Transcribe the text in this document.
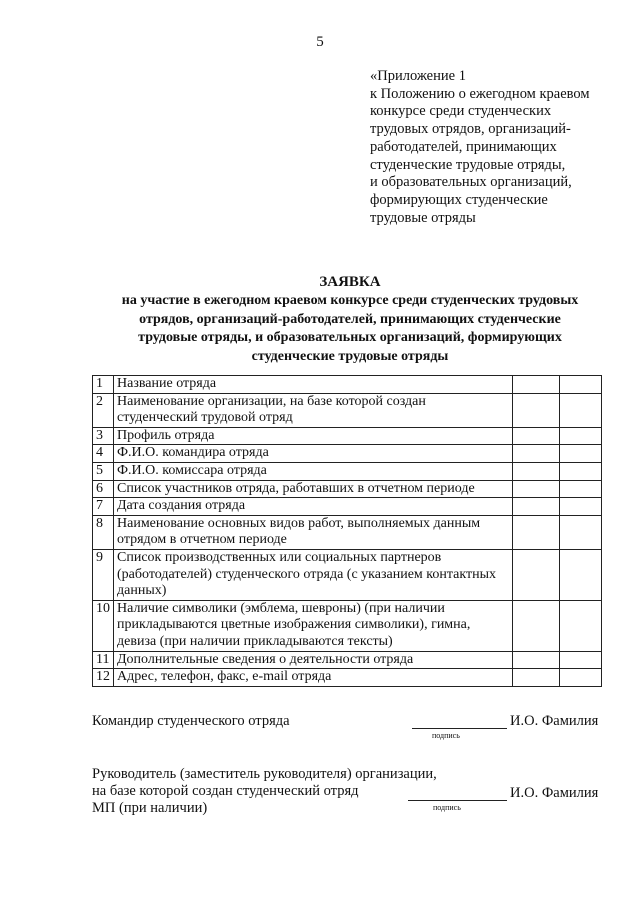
5
«Приложение 1
к Положению о ежегодном краевом
конкурсе среди студенческих
трудовых отрядов, организаций-
работодателей, принимающих
студенческие трудовые отряды,
и образовательных организаций,
формирующих студенческие
трудовые отряды
ЗАЯВКА
на участие в ежегодном краевом конкурсе среди студенческих трудовых
отрядов, организаций-работодателей, принимающих студенческие
трудовые отряды, и образовательных организаций, формирующих
студенческие трудовые отряды
1	Название отряда		

2	Наименование организации, на базе которой создан
студенческий трудовой отряд		

3	Профиль отряда		

4	Ф.И.О. командира отряда		

5	Ф.И.О. комиссара отряда		

6	Список участников отряда, работавших в отчетном периоде		

7	Дата создания отряда		

8	Наименование основных видов работ, выполняемых данным
отрядом в отчетном периоде		

9	Список производственных или социальных партнеров
(работодателей) студенческого отряда (с указанием контактных
данных)		

10	Наличие символики (эмблема, шевроны) (при наличии
прикладываются цветные изображения символики), гимна,
девиза (при наличии прикладываются тексты)		

11	Дополнительные сведения о деятельности отряда		

12	Адрес, телефон, факс, e-mail отряда		

Командир студенческого отряда	И.О. Фамилия
подпись
Руководитель (заместитель руководителя) организации,
на базе которой создан студенческий отряд
МП (при наличии)
И.О. Фамилия
подпись
